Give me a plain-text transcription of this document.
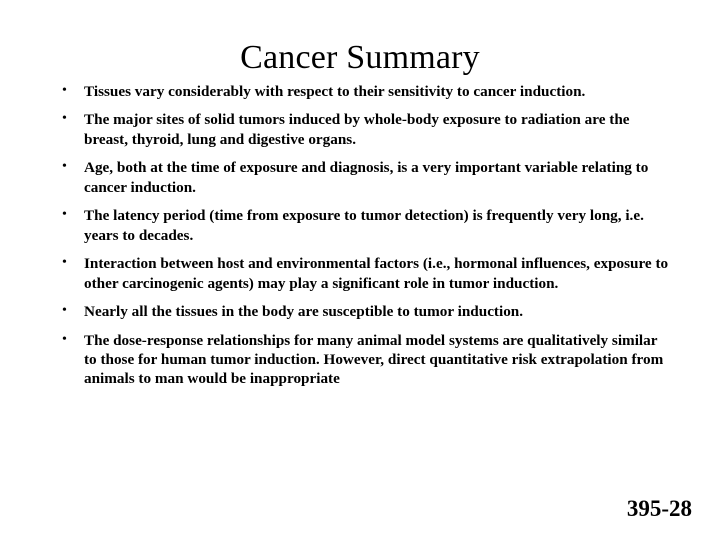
Cancer Summary
• Tissues vary considerably with respect to their sensitivity to cancer induction.
• The major sites of solid tumors induced by whole-body exposure to radiation are the breast, thyroid, lung and digestive organs.
• Age, both at the time of exposure and diagnosis, is a very important variable relating to cancer induction.
• The latency period (time from exposure to tumor detection) is frequently very long, i.e. years to decades.
• Interaction between host and environmental factors (i.e., hormonal influences, exposure to other carcinogenic agents) may play a significant role in tumor induction.
• Nearly all the tissues in the body are susceptible to tumor induction.
• The dose-response relationships for many animal model systems are qualitatively similar to those for human tumor induction. However, direct quantitative risk extrapolation from animals to man would be inappropriate
395-28
